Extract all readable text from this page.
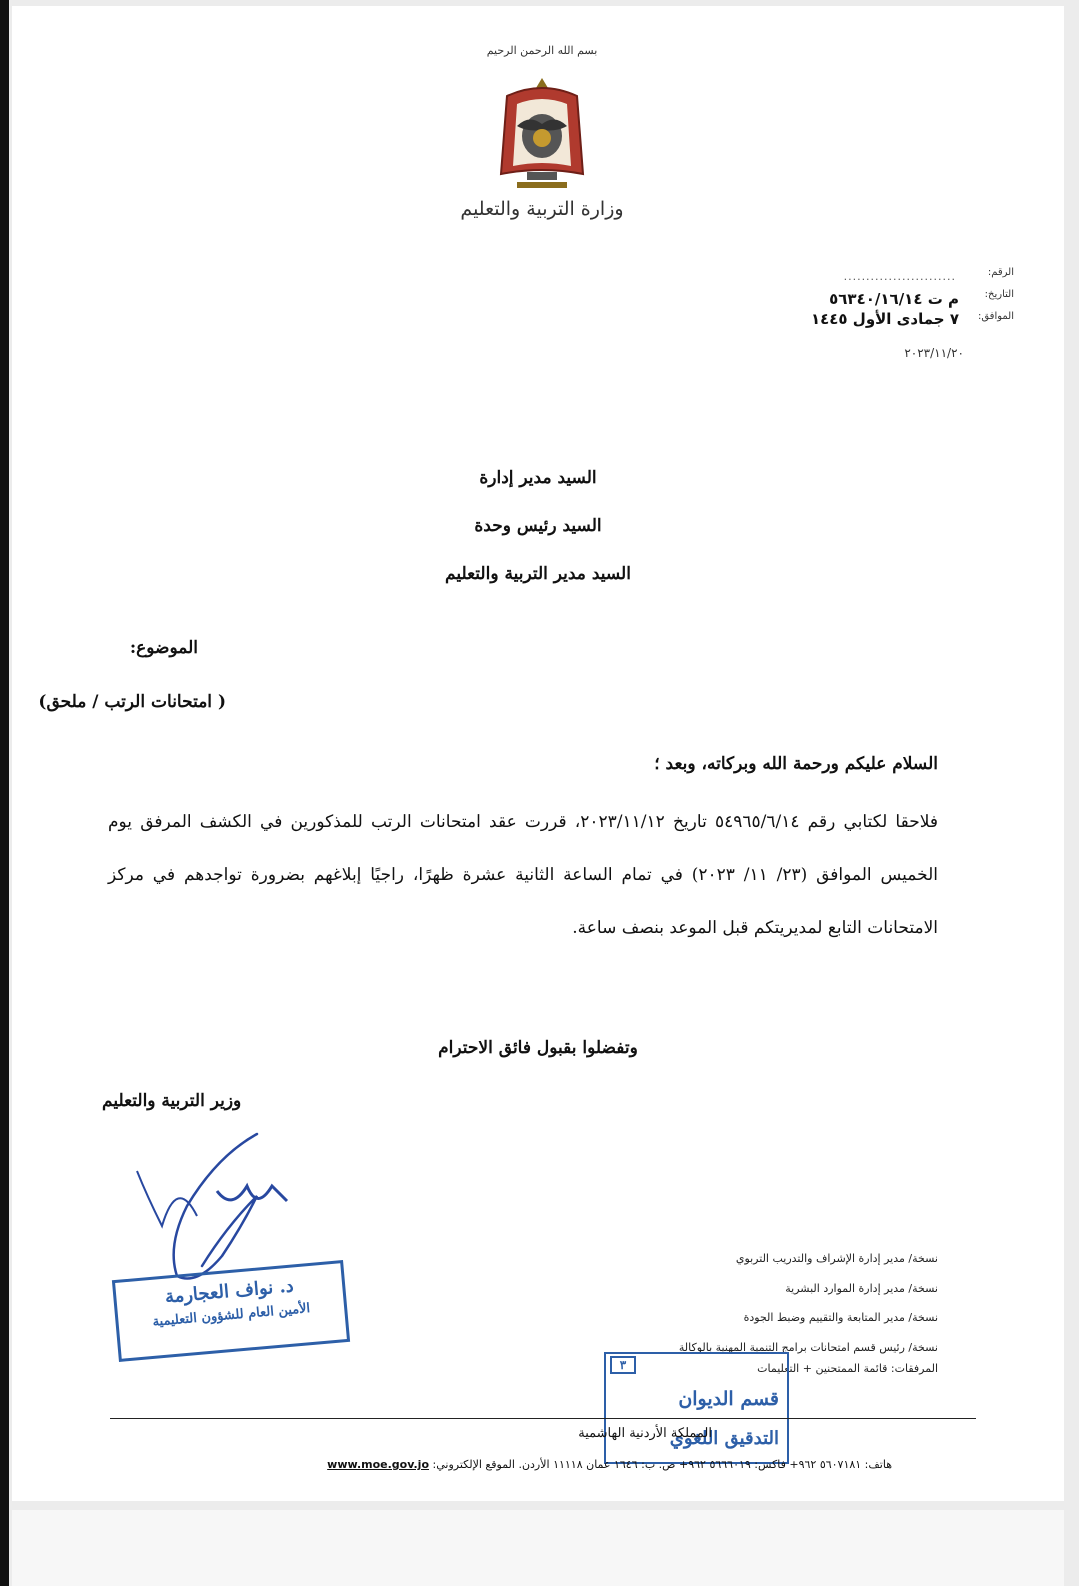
بسم الله الرحمن الرحيم
وزارة التربية والتعليم
الرقم:
التاريخ:
الموافق:
.........................
م ت ٥٦٣٤٠/١٦/١٤
٧ جمادى الأول ١٤٤٥
٢٠٢٣/١١/٢٠
السيد مدير إدارة
السيد رئيس وحدة
السيد مدير التربية والتعليم
الموضوع:
( امتحانات الرتب / ملحق)
السلام عليكم ورحمة الله وبركاته، وبعد ؛
فلاحقا لكتابي رقم ٥٤٩٦٥/٦/١٤ تاريخ ٢٠٢٣/١١/١٢، قررت عقد امتحانات الرتب للمذكورين في الكشف المرفق يوم الخميس الموافق (٢٣/ ١١/ ٢٠٢٣) في تمام الساعة الثانية عشرة ظهرًا، راجيًا إبلاغهم بضرورة تواجدهم في مركز الامتحانات التابع لمديريتكم قبل الموعد بنصف ساعة.
وتفضلوا بقبول فائق الاحترام
وزير التربية والتعليم
د. نواف العجارمة
الأمين العام للشؤون التعليمية
نسخة/ مدير إدارة الإشراف والتدريب التربوي
نسخة/ مدير إدارة الموارد البشرية
نسخة/ مدير المتابعة والتقييم وضبط الجودة
نسخة/ رئيس قسم امتحانات برامج التنمية المهنية بالوكالة
المرفقات: قائمة الممتحنين + التعليمات
٣
قسم الديوان
التدقيق اللغوي
المملكة الأردنية الهاشمية
هاتف: ٥٦٠٧١٨١ ٩٦٢+ فاكس: ٥٦٦٦٠١٩ ٩٦٢+ ص. ب: ١٦٤٦ عمان ١١١١٨ الأردن. الموقع الإلكتروني: www.moe.gov.jo
